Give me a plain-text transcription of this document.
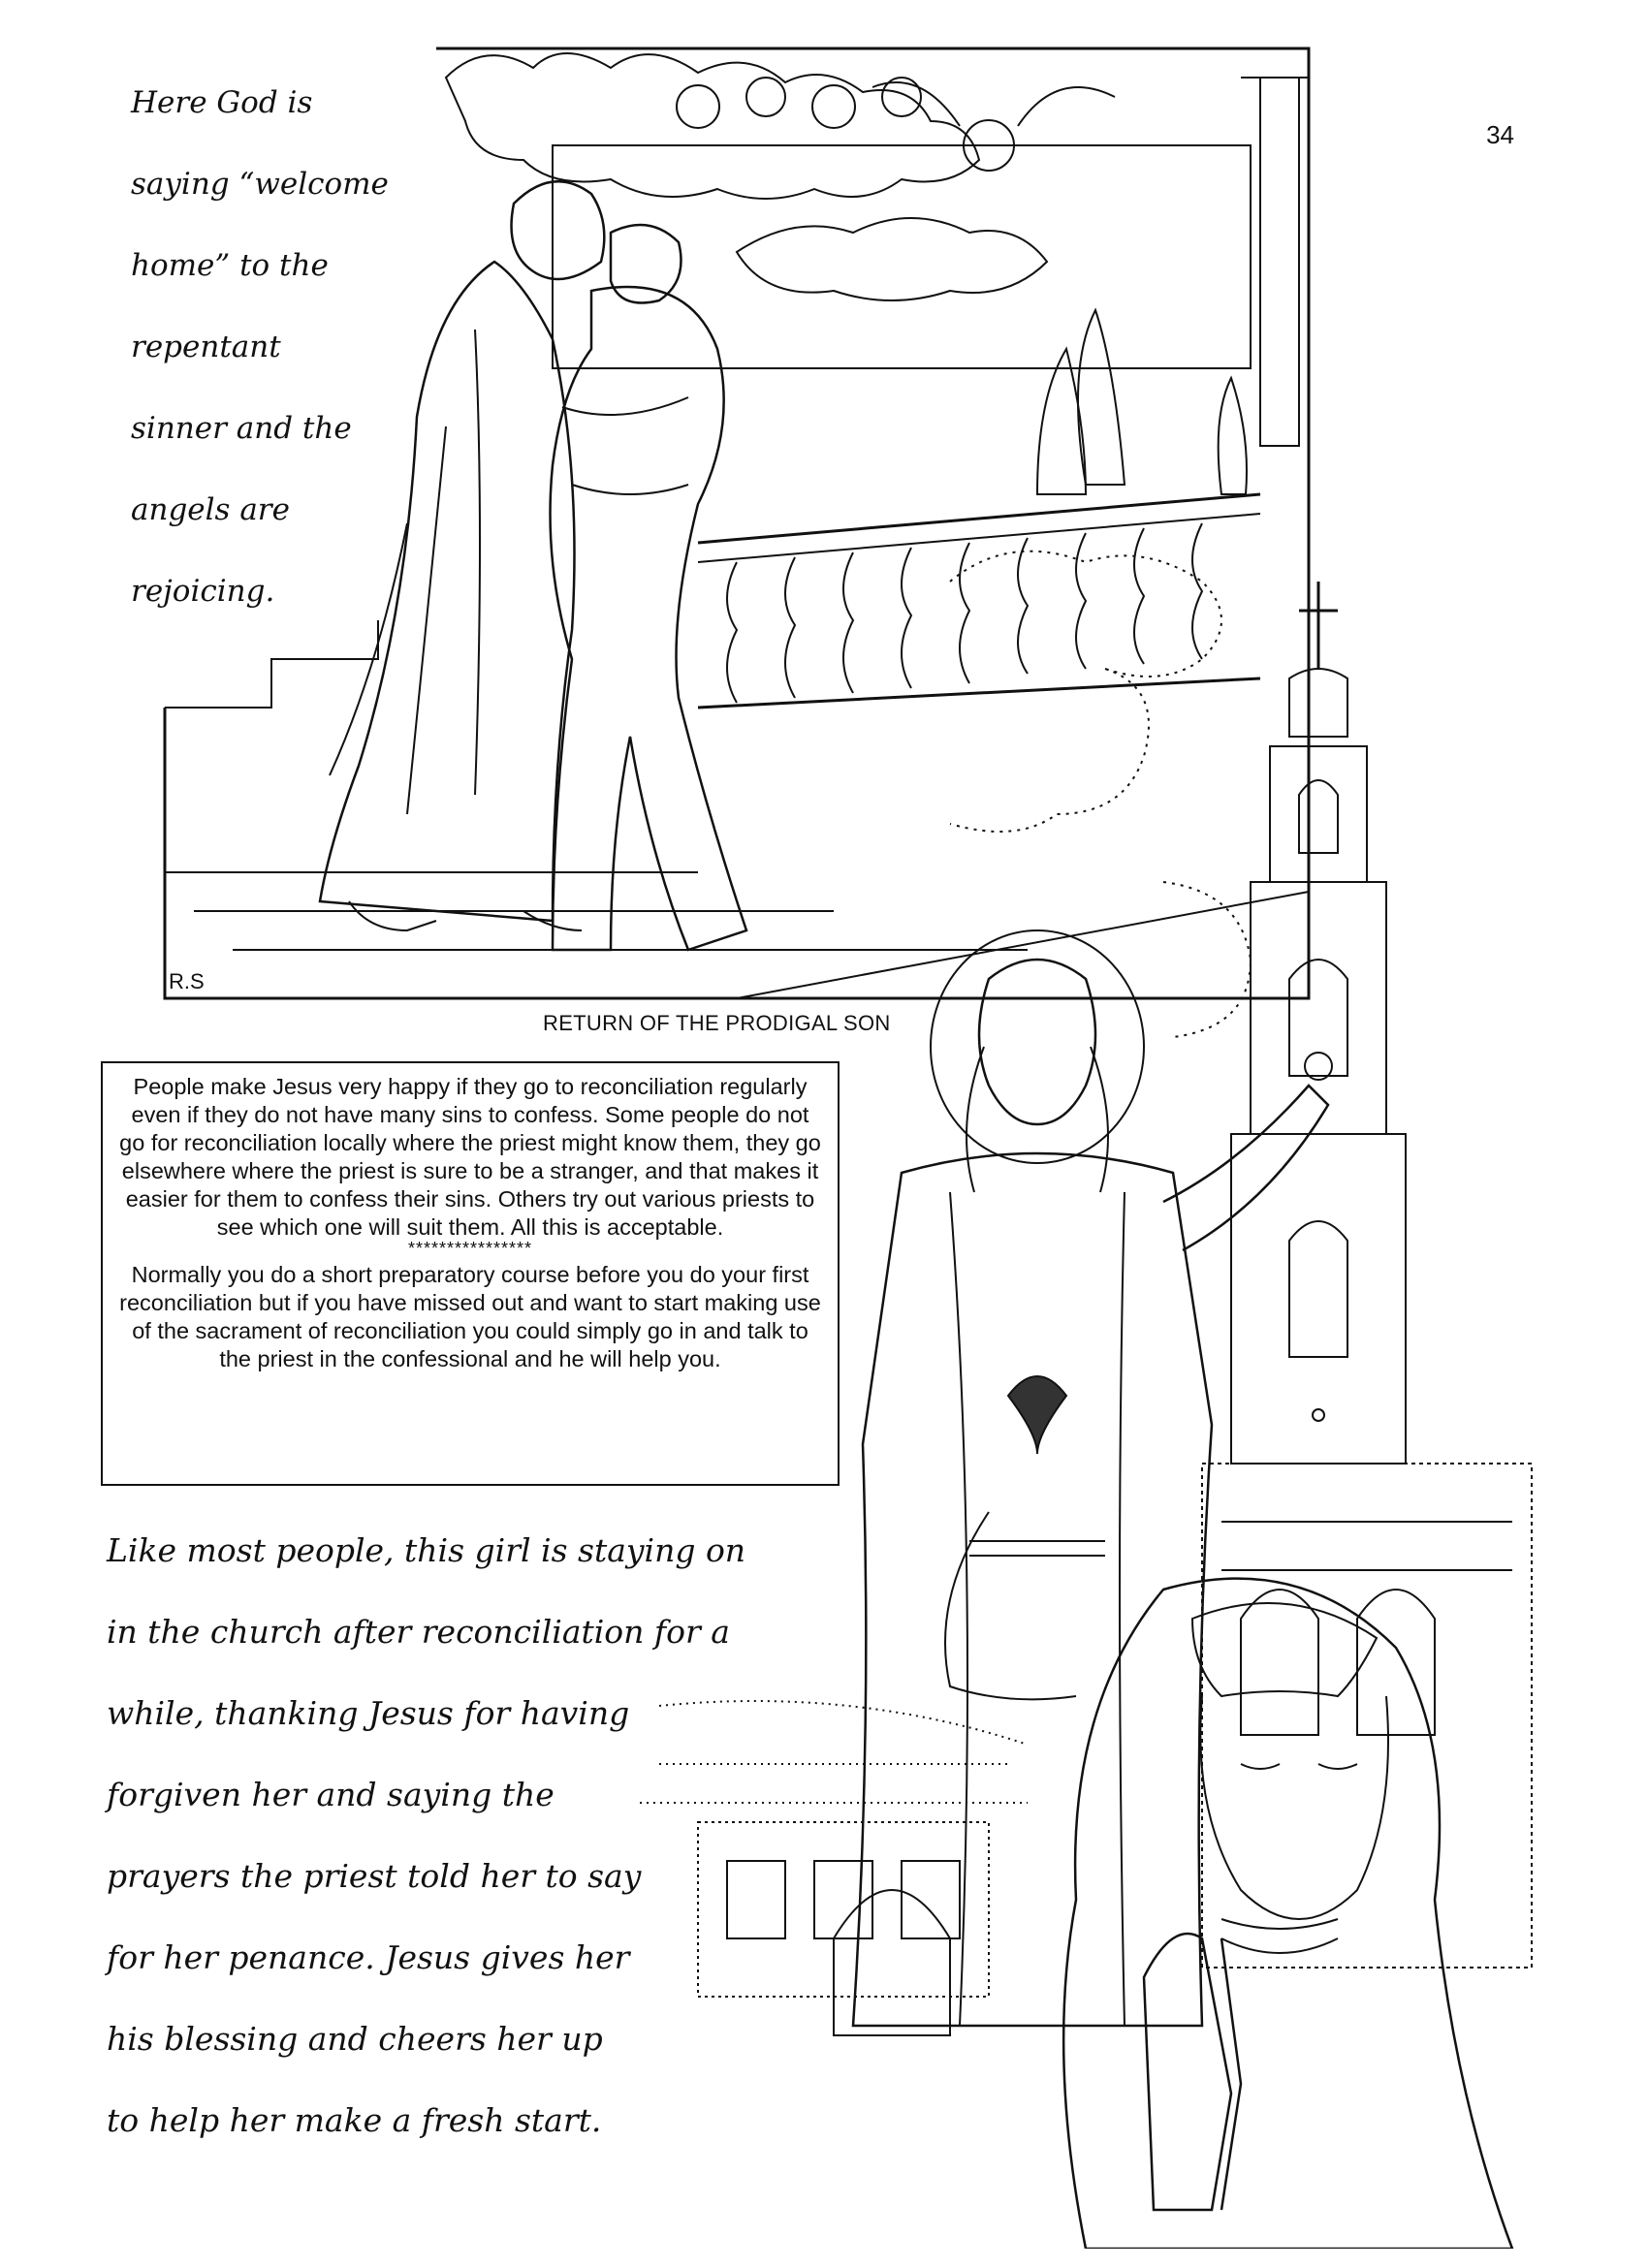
34
Here God is
saying “welcome
home” to the
repentant
sinner and the
angels are
rejoicing.
R.S
RETURN OF THE PRODIGAL SON

People make Jesus very happy if they go to reconciliation regularly even if they do not have many sins to confess. Some people do not go for reconciliation locally where the priest might know them, they go elsewhere where the priest is sure to be a stranger, and that makes it easier for them to confess their sins. Others try out various priests to see which one will suit them. All this is acceptable.

****************

Normally you do a short preparatory course before you do your first reconciliation but if you have missed out and want to start making use of the sacrament of reconciliation you could simply go in and talk to the priest in the confessional and he will help you.

Like most people, this girl is staying on
in the church after reconciliation for a
while, thanking Jesus for having
forgiven her and saying the
prayers the priest told her to say
for her penance. Jesus gives her
his blessing and cheers her up
to help her make a fresh start.
